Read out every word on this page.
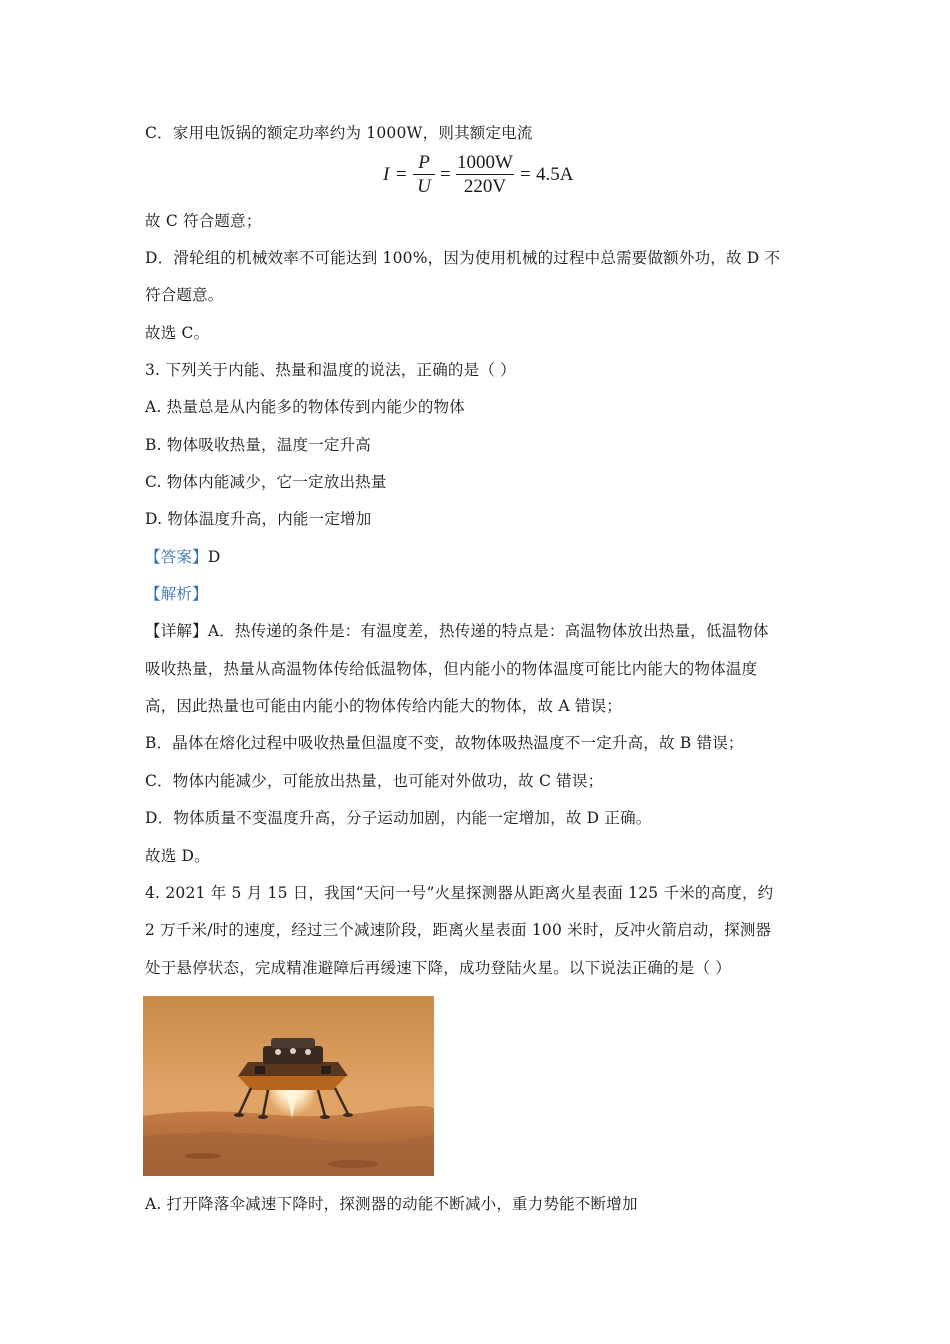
C．家用电饭锅的额定功率约为 1000W，则其额定电流
I =
P
U
=
1000W
220V
= 4.5A
故 C 符合题意；
D．滑轮组的机械效率不可能达到 100%，因为使用机械的过程中总需要做额外功，故 D 不
符合题意。
故选 C。
3. 下列关于内能、热量和温度的说法，正确的是（ ）
A. 热量总是从内能多的物体传到内能少的物体
B. 物体吸收热量，温度一定升高
C. 物体内能减少，它一定放出热量
D. 物体温度升高，内能一定增加
【答案】D
【解析】
【详解】A．热传递的条件是：有温度差，热传递的特点是：高温物体放出热量，低温物体
吸收热量，热量从高温物体传给低温物体，但内能小的物体温度可能比内能大的物体温度
高，因此热量也可能由内能小的物体传给内能大的物体，故 A 错误；
B．晶体在熔化过程中吸收热量但温度不变，故物体吸热温度不一定升高，故 B 错误；
C．物体内能减少，可能放出热量，也可能对外做功，故 C 错误；
D．物体质量不变温度升高，分子运动加剧，内能一定增加，故 D 正确。
故选 D。
4. 2021 年 5 月 15 日，我国“天问一号”火星探测器从距离火星表面 125 千米的高度，约
2 万千米/时的速度，经过三个减速阶段，距离火星表面 100 米时，反冲火箭启动，探测器
处于悬停状态，完成精准避障后再缓速下降，成功登陆火星。以下说法正确的是（ ）
A. 打开降落伞减速下降时，探测器的动能不断减小，重力势能不断增加
